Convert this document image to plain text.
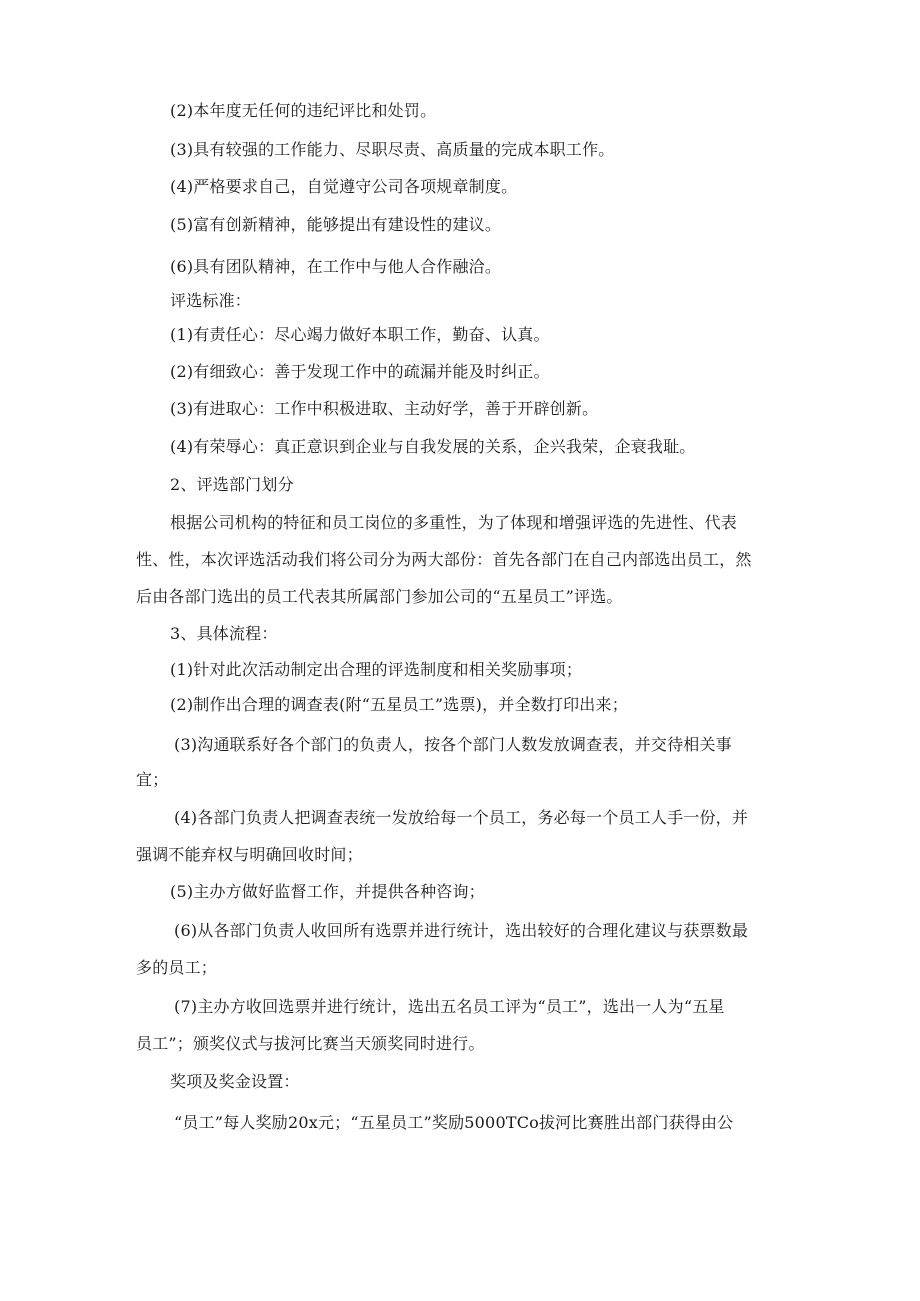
(2)本年度无任何的违纪评比和处罚。
(3)具有较强的工作能力、尽职尽责、高质量的完成本职工作。
(4)严格要求自己，自觉遵守公司各项规章制度。
(5)富有创新精神，能够提出有建设性的建议。
(6)具有团队精神，在工作中与他人合作融洽。
评选标准：
(1)有责任心：尽心竭力做好本职工作，勤奋、认真。
(2)有细致心：善于发现工作中的疏漏并能及时纠正。
(3)有进取心：工作中积极进取、主动好学，善于开辟创新。
(4)有荣辱心：真正意识到企业与自我发展的关系，企兴我荣，企衰我耻。
2、评选部门划分
根据公司机构的特征和员工岗位的多重性，为了体现和增强评选的先进性、代表
性、性，本次评选活动我们将公司分为两大部份：首先各部门在自己内部选出员工，然
后由各部门选出的员工代表其所属部门参加公司的“五星员工”评选。
3、具体流程：
(1)针对此次活动制定出合理的评选制度和相关奖励事项；
(2)制作出合理的调查表(附“五星员工”选票)，并全数打印出来；
(3)沟通联系好各个部门的负责人，按各个部门人数发放调查表，并交待相关事
宜；
(4)各部门负责人把调查表统一发放给每一个员工，务必每一个员工人手一份，并
强调不能弃权与明确回收时间；
(5)主办方做好监督工作，并提供各种咨询；
(6)从各部门负责人收回所有选票并进行统计，选出较好的合理化建议与获票数最
多的员工；
(7)主办方收回选票并进行统计，选出五名员工评为“员工”，选出一人为“五星
员工”；颁奖仪式与拔河比赛当天颁奖同时进行。
奖项及奖金设置：
“员工”每人奖励20x元；“五星员工”奖励5000TCo拔河比赛胜出部门获得由公
